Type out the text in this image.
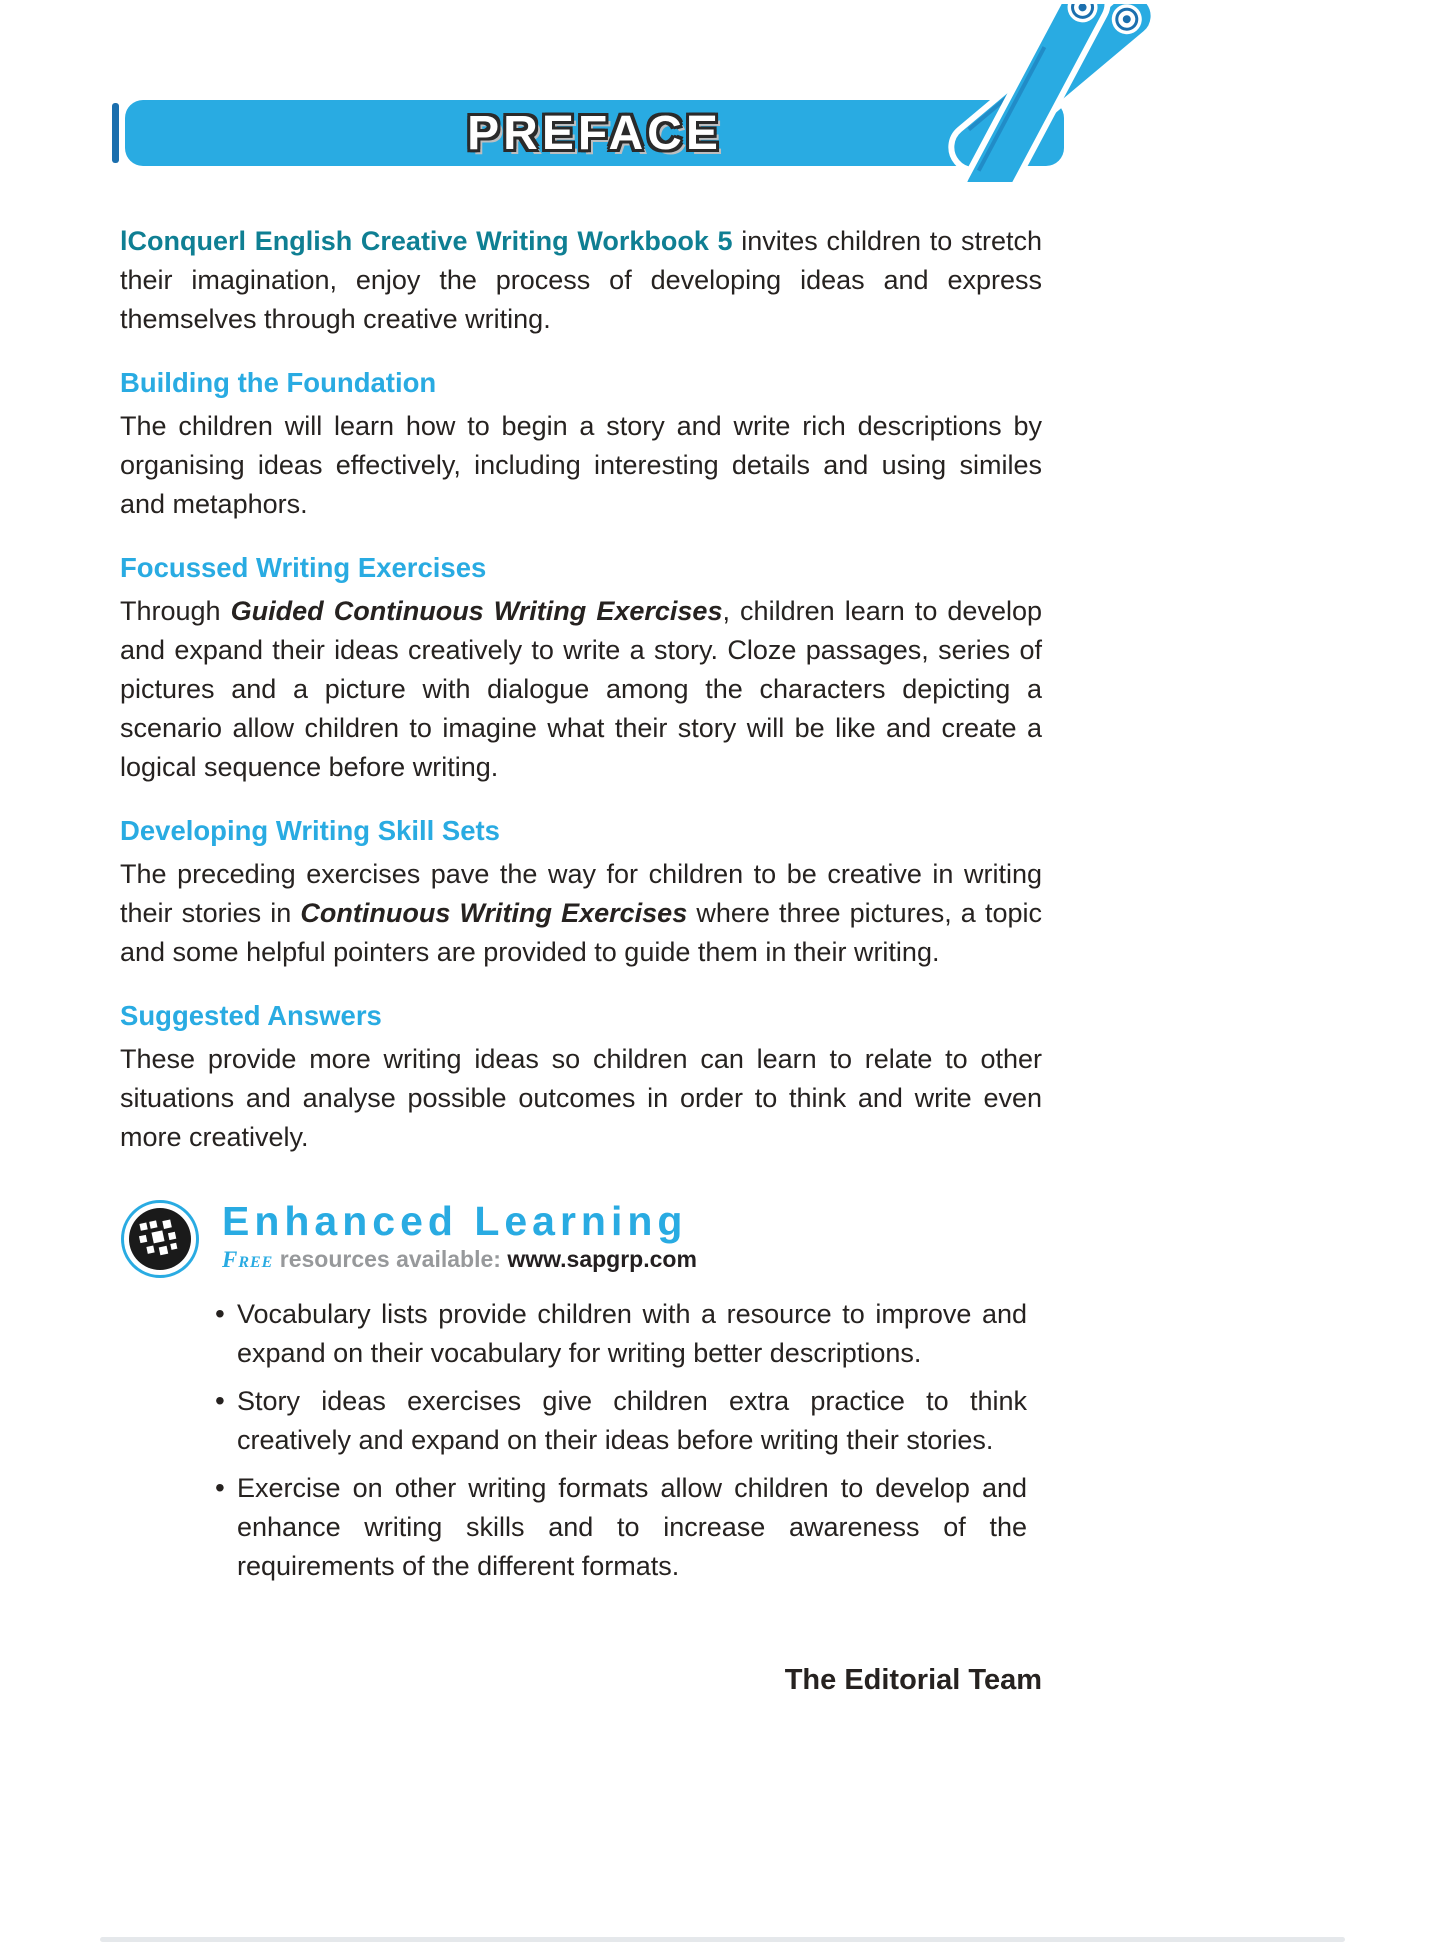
PREFACE

lConquerl English Creative Writing Workbook 5 invites children to stretch their imagination, enjoy the process of developing ideas and express themselves through creative writing.

Building the Foundation

The children will learn how to begin a story and write rich descriptions by organising ideas effectively, including interesting details and using similes and metaphors.

Focussed Writing Exercises

Through Guided Continuous Writing Exercises, children learn to develop and expand their ideas creatively to write a story. Cloze passages, series of pictures and a picture with dialogue among the characters depicting a scenario allow children to imagine what their story will be like and create a logical sequence before writing.

Developing Writing Skill Sets

The preceding exercises pave the way for children to be creative in writing their stories in Continuous Writing Exercises where three pictures, a topic and some helpful pointers are provided to guide them in their writing.

Suggested Answers

These provide more writing ideas so children can learn to relate to other situations and analyse possible outcomes in order to think and write even more creatively.

Enhanced Learning
Free resources available: www.sapgrp.com
• Vocabulary lists provide children with a resource to improve and expand on their vocabulary for writing better descriptions.
• Story ideas exercises give children extra practice to think creatively and expand on their ideas before writing their stories.
• Exercise on other writing formats allow children to develop and enhance writing skills and to increase awareness of the requirements of the different formats.
The Editorial Team
